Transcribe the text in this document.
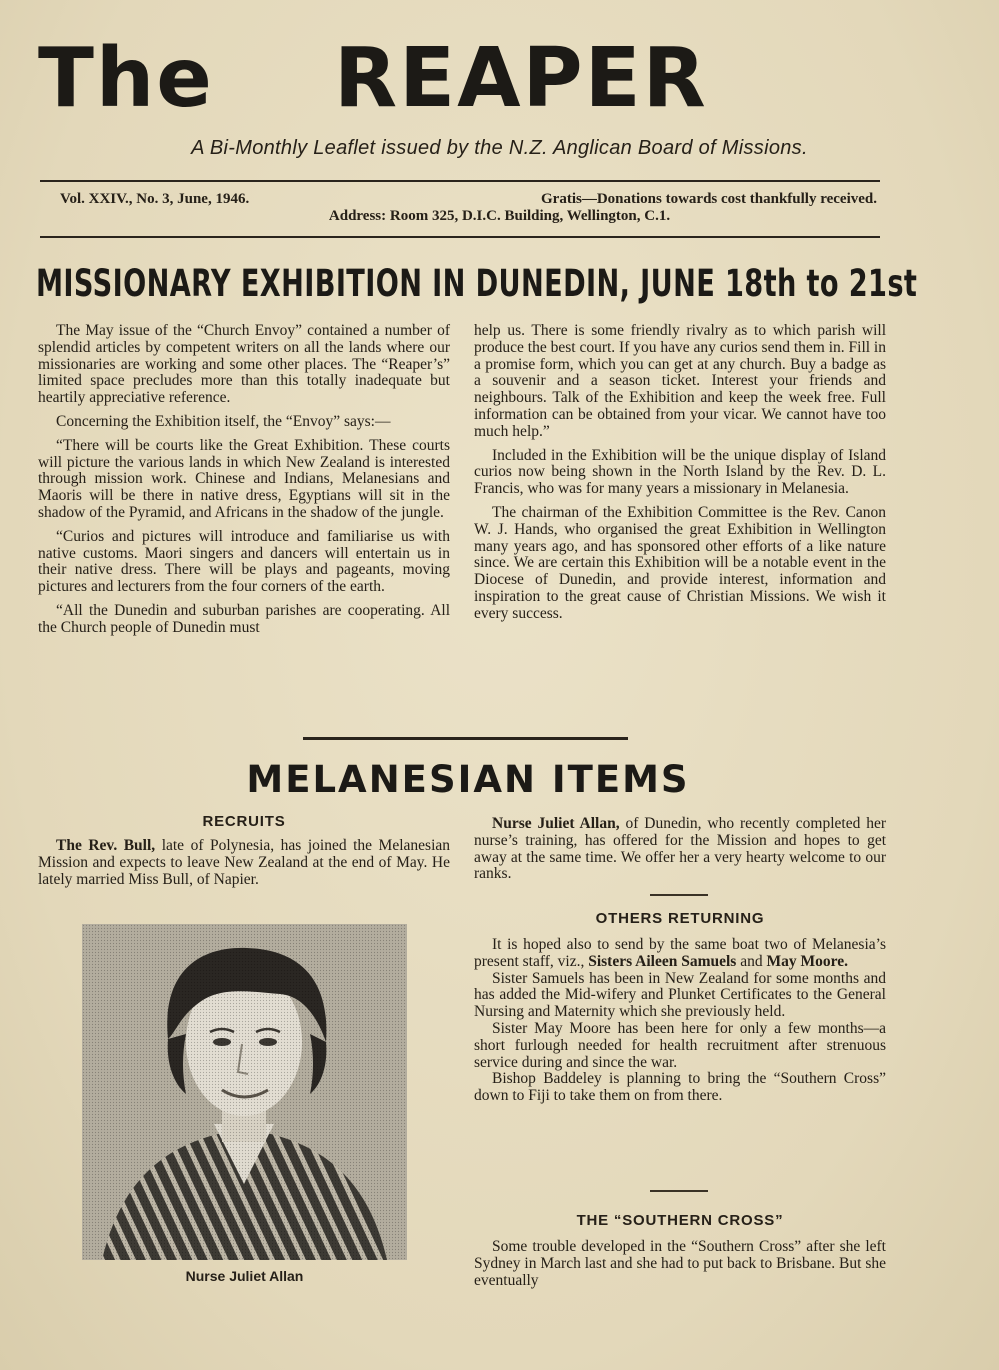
The REAPER
A Bi-Monthly Leaflet issued by the N.Z. Anglican Board of Missions.
Vol. XXIV., No. 3, June, 1946.	Gratis—Donations towards cost thankfully received.
Address: Room 325, D.I.C. Building, Wellington, C.1.
MISSIONARY EXHIBITION IN DUNEDIN, JUNE 18th to 21st

The May issue of the “Church Envoy” contained a number of splendid articles by competent writers on all the lands where our missionaries are working and some other places. The “Reaper’s” limited space precludes more than this totally inadequate but heartily appreciative reference.

Concerning the Exhibition itself, the “Envoy” says:—

“There will be courts like the Great Exhibition. These courts will picture the various lands in which New Zealand is interested through mission work. Chinese and Indians, Melanesians and Maoris will be there in native dress, Egyptians will sit in the shadow of the Pyramid, and Africans in the shadow of the jungle.

“Curios and pictures will introduce and familiarise us with native customs. Maori singers and dancers will entertain us in their native dress. There will be plays and pageants, moving pictures and lecturers from the four corners of the earth.

“All the Dunedin and suburban parishes are cooperating. All the Church people of Dunedin must

help us. There is some friendly rivalry as to which parish will produce the best court. If you have any curios send them in. Fill in a promise form, which you can get at any church. Buy a badge as a souvenir and a season ticket. Interest your friends and neighbours. Talk of the Exhibition and keep the week free. Full information can be obtained from your vicar. We cannot have too much help.”

Included in the Exhibition will be the unique display of Island curios now being shown in the North Island by the Rev. D. L. Francis, who was for many years a missionary in Melanesia.

The chairman of the Exhibition Committee is the Rev. Canon W. J. Hands, who organised the great Exhibition in Wellington many years ago, and has sponsored other efforts of a like nature since. We are certain this Exhibition will be a notable event in the Diocese of Dunedin, and provide interest, information and inspiration to the great cause of Christian Missions. We wish it every success.

MELANESIAN ITEMS
RECRUITS

The Rev. Bull, late of Polynesia, has joined the Melanesian Mission and expects to leave New Zealand at the end of May. He lately married Miss Bull, of Napier.

Nurse Juliet Allan

Nurse Juliet Allan, of Dunedin, who recently completed her nurse’s training, has offered for the Mission and hopes to get away at the same time. We offer her a very hearty welcome to our ranks.

OTHERS RETURNING

It is hoped also to send by the same boat two of Melanesia’s present staff, viz., Sisters Aileen Samuels and May Moore.

Sister Samuels has been in New Zealand for some months and has added the Mid-wifery and Plunket Certificates to the General Nursing and Maternity which she previously held.

Sister May Moore has been here for only a few months—a short furlough needed for health recruitment after strenuous service during and since the war.

Bishop Baddeley is planning to bring the “Southern Cross” down to Fiji to take them on from there.

THE “SOUTHERN CROSS”

Some trouble developed in the “Southern Cross” after she left Sydney in March last and she had to put back to Brisbane. But she eventually
